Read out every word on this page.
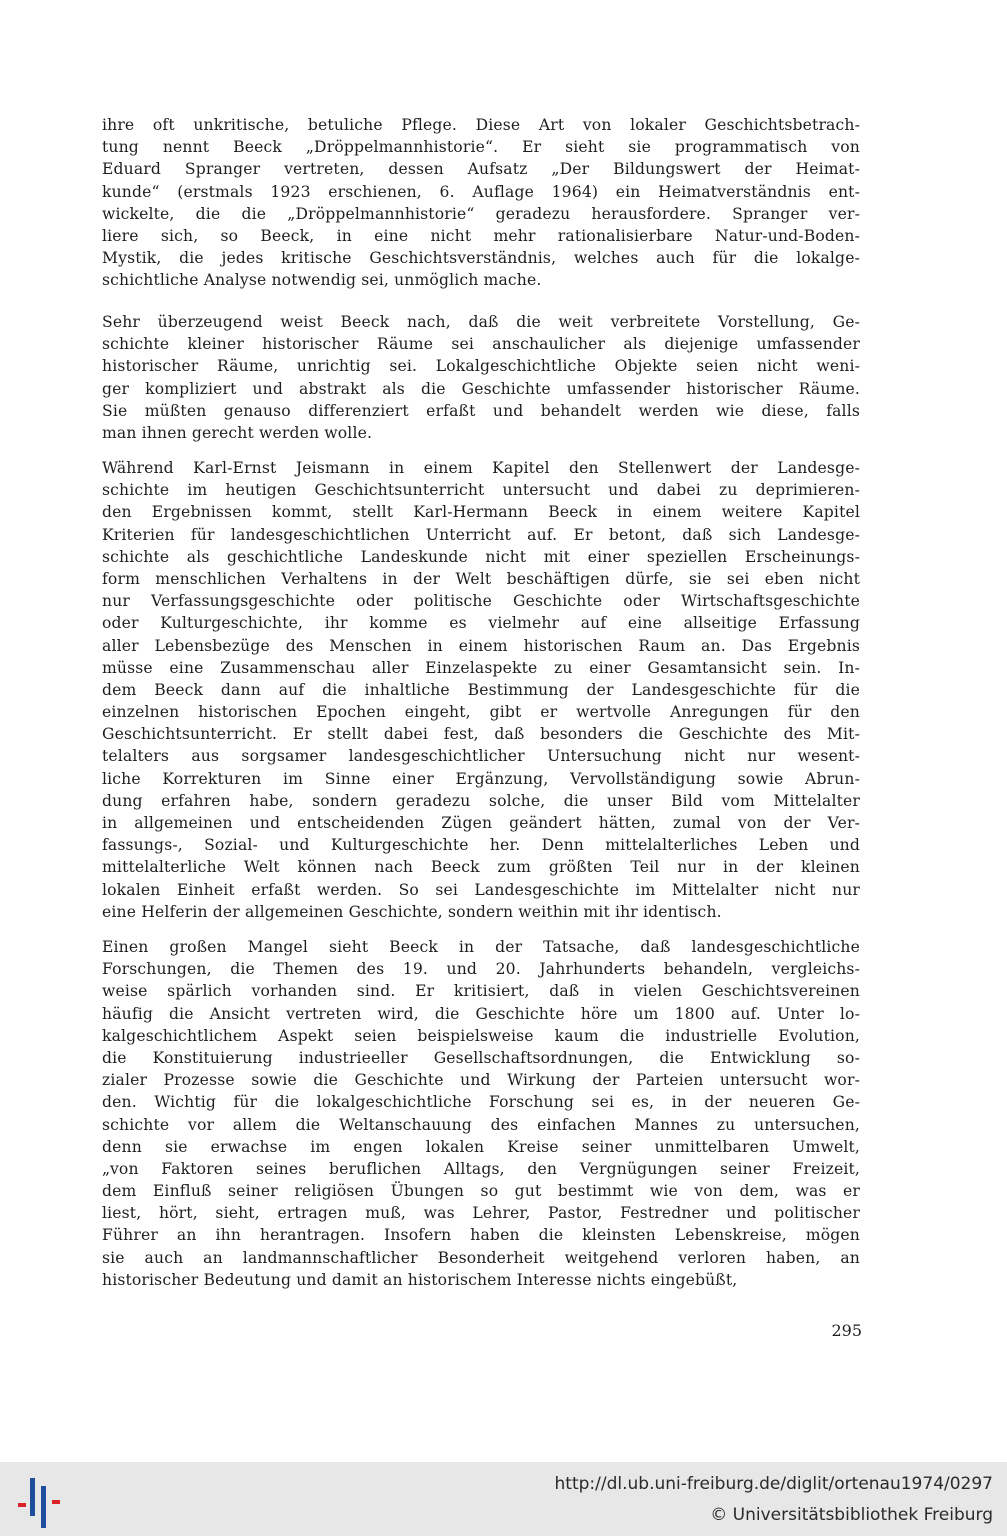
ihre oft unkritische, betuliche Pflege. Diese Art von lokaler Geschichtsbetrach-
tung nennt Beeck „Dröppelmannhistorie“. Er sieht sie programmatisch von
Eduard Spranger vertreten, dessen Aufsatz „Der Bildungswert der Heimat-
kunde“ (erstmals 1923 erschienen, 6. Auflage 1964) ein Heimatverständnis ent-
wickelte, die die „Dröppelmannhistorie“ geradezu herausfordere. Spranger ver-
liere sich, so Beeck, in eine nicht mehr rationalisierbare Natur-und-Boden-
Mystik, die jedes kritische Geschichtsverständnis, welches auch für die lokalge-
schichtliche Analyse notwendig sei, unmöglich mache.
Sehr überzeugend weist Beeck nach, daß die weit verbreitete Vorstellung, Ge-
schichte kleiner historischer Räume sei anschaulicher als diejenige umfassender
historischer Räume, unrichtig sei. Lokalgeschichtliche Objekte seien nicht weni-
ger kompliziert und abstrakt als die Geschichte umfassender historischer Räume.
Sie müßten genauso differenziert erfaßt und behandelt werden wie diese, falls
man ihnen gerecht werden wolle.
Während Karl-Ernst Jeismann in einem Kapitel den Stellenwert der Landesge-
schichte im heutigen Geschichtsunterricht untersucht und dabei zu deprimieren-
den Ergebnissen kommt, stellt Karl-Hermann Beeck in einem weitere Kapitel
Kriterien für landesgeschichtlichen Unterricht auf. Er betont, daß sich Landesge-
schichte als geschichtliche Landeskunde nicht mit einer speziellen Erscheinungs-
form menschlichen Verhaltens in der Welt beschäftigen dürfe, sie sei eben nicht
nur Verfassungsgeschichte oder politische Geschichte oder Wirtschaftsgeschichte
oder Kulturgeschichte, ihr komme es vielmehr auf eine allseitige Erfassung
aller Lebensbezüge des Menschen in einem historischen Raum an. Das Ergebnis
müsse eine Zusammenschau aller Einzelaspekte zu einer Gesamtansicht sein. In-
dem Beeck dann auf die inhaltliche Bestimmung der Landesgeschichte für die
einzelnen historischen Epochen eingeht, gibt er wertvolle Anregungen für den
Geschichtsunterricht. Er stellt dabei fest, daß besonders die Geschichte des Mit-
telalters aus sorgsamer landesgeschichtlicher Untersuchung nicht nur wesent-
liche Korrekturen im Sinne einer Ergänzung, Vervollständigung sowie Abrun-
dung erfahren habe, sondern geradezu solche, die unser Bild vom Mittelalter
in allgemeinen und entscheidenden Zügen geändert hätten, zumal von der Ver-
fassungs-, Sozial- und Kulturgeschichte her. Denn mittelalterliches Leben und
mittelalterliche Welt können nach Beeck zum größten Teil nur in der kleinen
lokalen Einheit erfaßt werden. So sei Landesgeschichte im Mittelalter nicht nur
eine Helferin der allgemeinen Geschichte, sondern weithin mit ihr identisch.
Einen großen Mangel sieht Beeck in der Tatsache, daß landesgeschichtliche
Forschungen, die Themen des 19. und 20. Jahrhunderts behandeln, vergleichs-
weise spärlich vorhanden sind. Er kritisiert, daß in vielen Geschichtsvereinen
häufig die Ansicht vertreten wird, die Geschichte höre um 1800 auf. Unter lo-
kalgeschichtlichem Aspekt seien beispielsweise kaum die industrielle Evolution,
die Konstituierung industrieeller Gesellschaftsordnungen, die Entwicklung so-
zialer Prozesse sowie die Geschichte und Wirkung der Parteien untersucht wor-
den. Wichtig für die lokalgeschichtliche Forschung sei es, in der neueren Ge-
schichte vor allem die Weltanschauung des einfachen Mannes zu untersuchen,
denn sie erwachse im engen lokalen Kreise seiner unmittelbaren Umwelt,
„von Faktoren seines beruflichen Alltags, den Vergnügungen seiner Freizeit,
dem Einfluß seiner religiösen Übungen so gut bestimmt wie von dem, was er
liest, hört, sieht, ertragen muß, was Lehrer, Pastor, Festredner und politischer
Führer an ihn herantragen. Insofern haben die kleinsten Lebenskreise, mögen
sie auch an landmannschaftlicher Besonderheit weitgehend verloren haben, an
historischer Bedeutung und damit an historischem Interesse nichts eingebüßt,
295
http://dl.ub.uni-freiburg.de/diglit/ortenau1974/0297
© Universitätsbibliothek Freiburg
